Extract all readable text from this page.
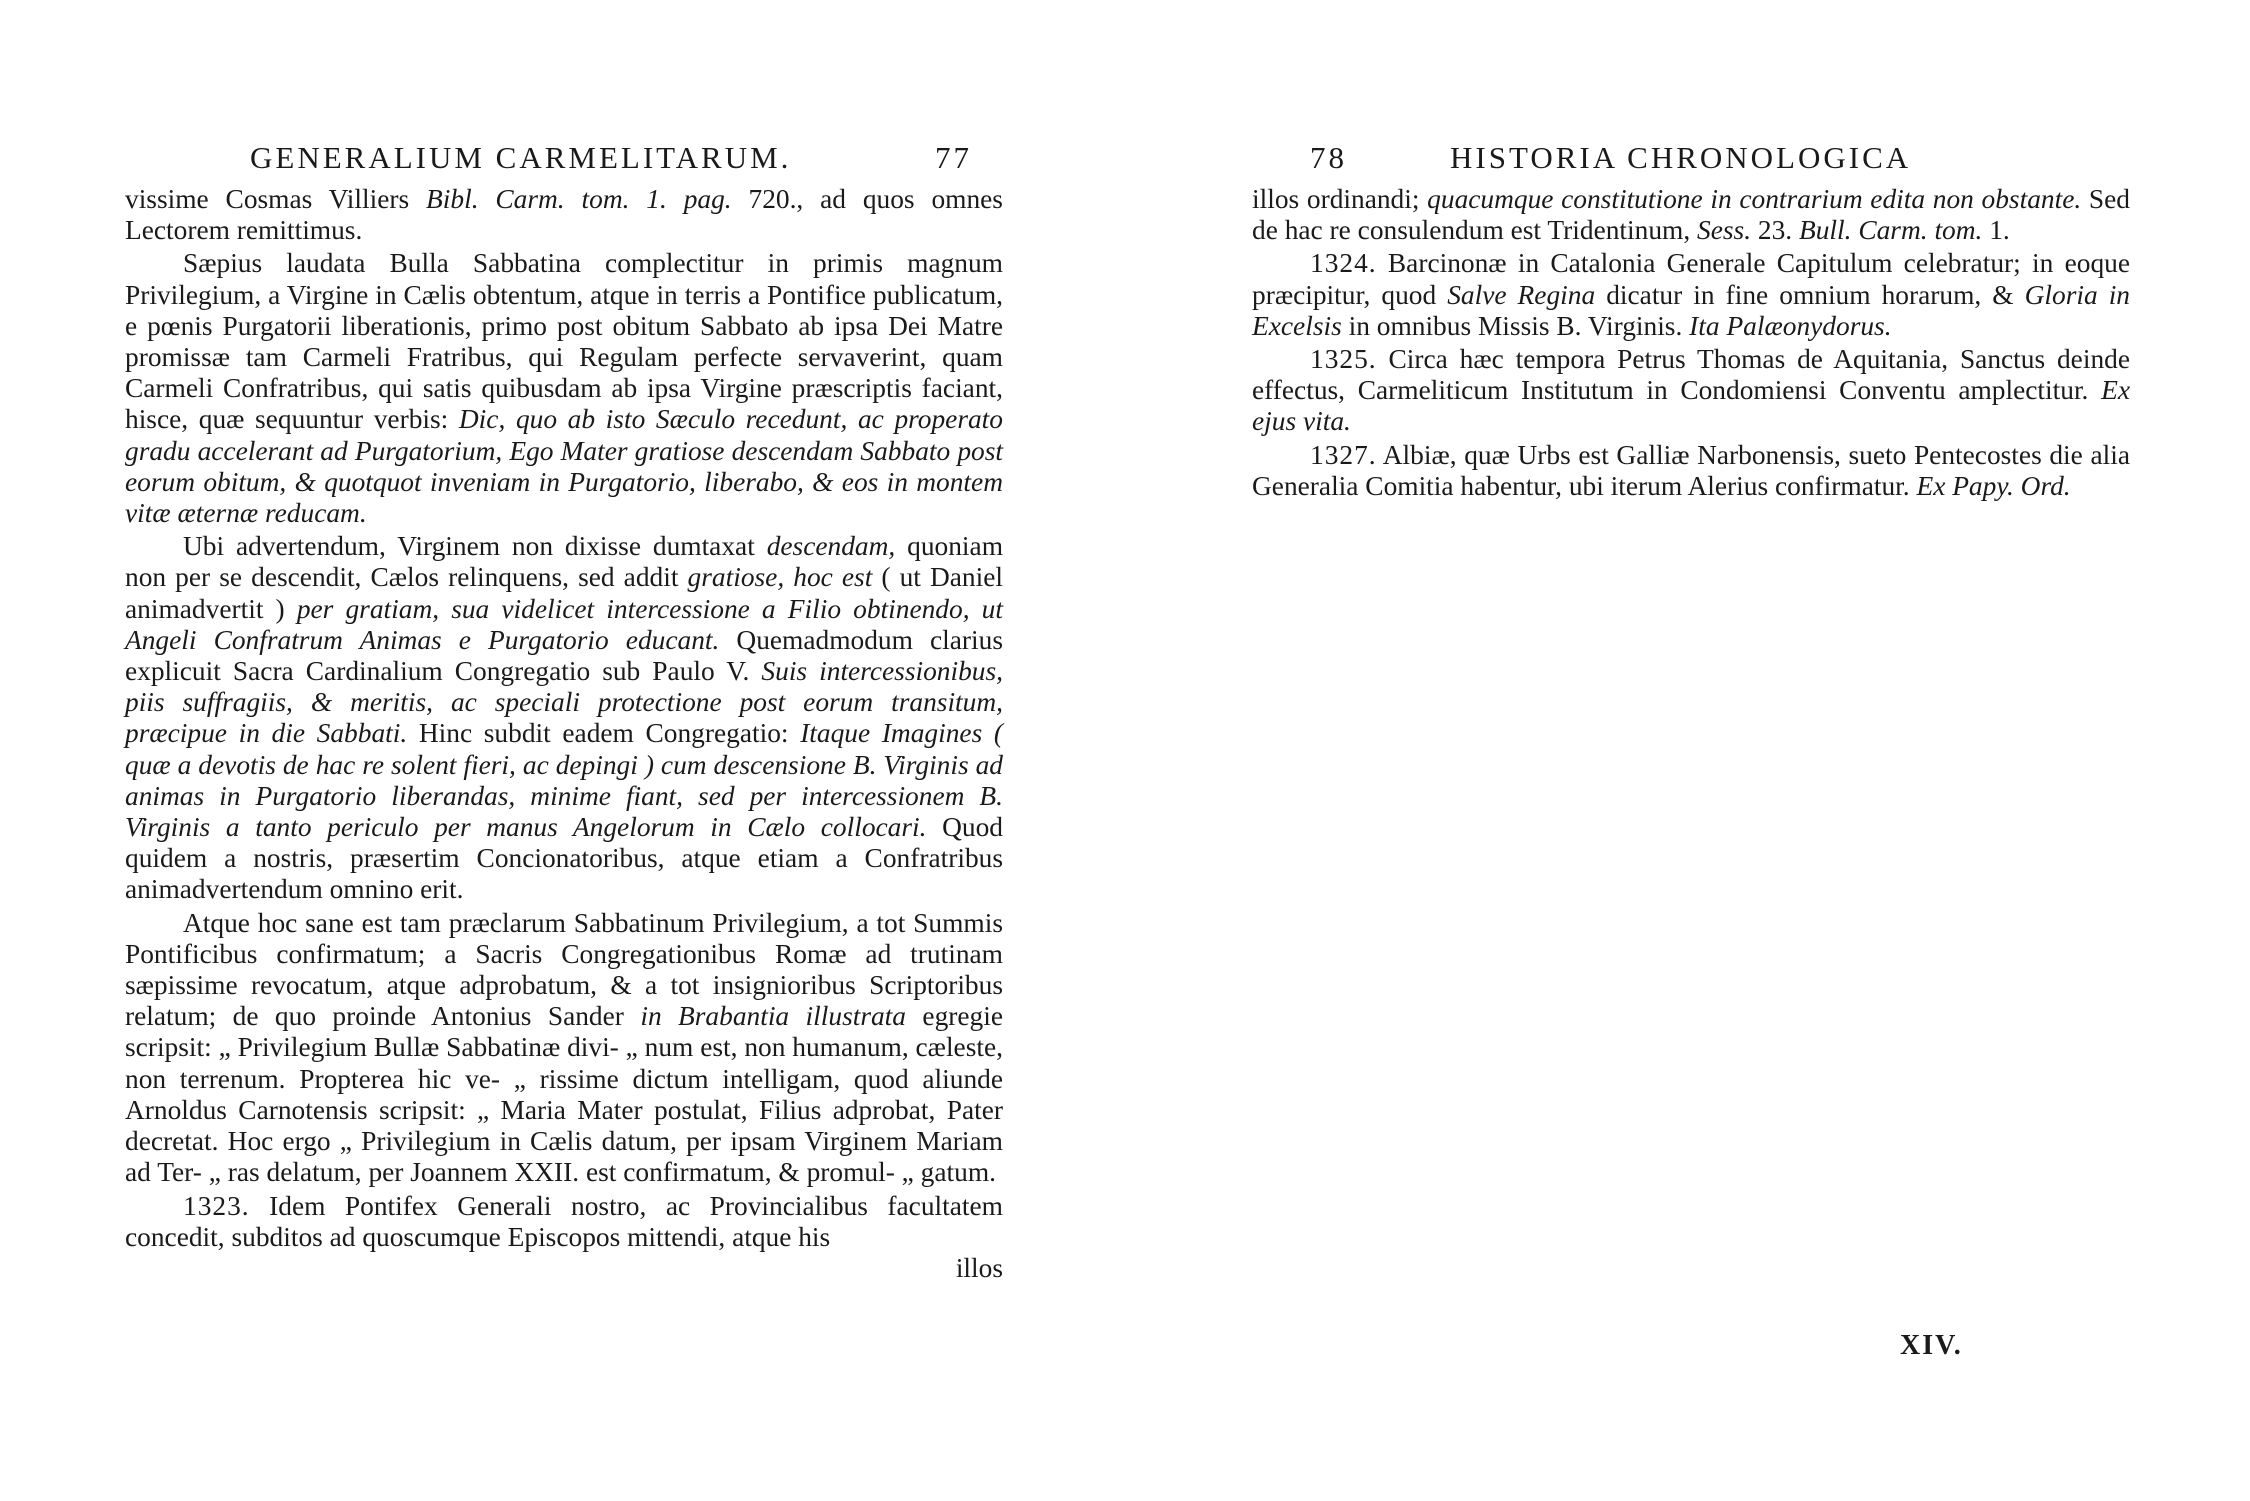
GENERALIUM CARMELITARUM.	77

vissime Cosmas Villiers Bibl. Carm. tom. 1. pag. 720., ad quos omnes Lectorem remittimus.

Sæpius laudata Bulla Sabbatina complectitur in primis magnum Privilegium, a Virgine in Cælis obtentum, atque in terris a Pontifice publicatum, e pœnis Purgatorii liberationis, primo post obitum Sabbato ab ipsa Dei Matre promissæ tam Carmeli Fratribus, qui Regulam perfecte servaverint, quam Carmeli Confratribus, qui satis quibusdam ab ipsa Virgine præscriptis faciant, hisce, quæ sequuntur verbis: Dic, quo ab isto Sæculo recedunt, ac properato gradu accelerant ad Purgatorium, Ego Mater gratiose descendam Sabbato post eorum obitum, & quotquot inveniam in Purgatorio, liberabo, & eos in montem vitæ æternæ reducam.

Ubi advertendum, Virginem non dixisse dumtaxat descendam, quoniam non per se descendit, Cælos relinquens, sed addit gratiose, hoc est ( ut Daniel animadvertit ) per gratiam, sua videlicet intercessione a Filio obtinendo, ut Angeli Confratrum Animas e Purgatorio educant. Quemadmodum clarius explicuit Sacra Cardinalium Congregatio sub Paulo V. Suis intercessionibus, piis suffragiis, & meritis, ac speciali protectione post eorum transitum, præcipue in die Sabbati. Hinc subdit eadem Congregatio: Itaque Imagines ( quæ a devotis de hac re solent fieri, ac depingi ) cum descensione B. Virginis ad animas in Purgatorio liberandas, minime fiant, sed per intercessionem B. Virginis a tanto periculo per manus Angelorum in Cælo collocari. Quod quidem a nostris, præsertim Concionatoribus, atque etiam a Confratribus animadvertendum omnino erit.

Atque hoc sane est tam præclarum Sabbatinum Privilegium, a tot Summis Pontificibus confirmatum; a Sacris Congregationibus Romæ ad trutinam sæpissime revocatum, atque adprobatum, & a tot insignioribus Scriptoribus relatum; de quo proinde Antonius Sander in Brabantia illustrata egregie scripsit: „ Privilegium Bullæ Sabbatinæ divi- „ num est, non humanum, cæleste, non terrenum. Propterea hic ve- „ rissime dictum intelligam, quod aliunde Arnoldus Carnotensis scripsit: „ Maria Mater postulat, Filius adprobat, Pater decretat. Hoc ergo „ Privilegium in Cælis datum, per ipsam Virginem Mariam ad Ter- „ ras delatum, per Joannem XXII. est confirmatum, & promul- „ gatum.

1323. Idem Pontifex Generali nostro, ac Provincialibus facultatem concedit, subditos ad quoscumque Episcopos mittendi, atque his

illos
78	HISTORIA CHRONOLOGICA

illos ordinandi; quacumque constitutione in contrarium edita non obstante. Sed de hac re consulendum est Tridentinum, Sess. 23. Bull. Carm. tom. 1.

1324. Barcinonæ in Catalonia Generale Capitulum celebratur; in eoque præcipitur, quod Salve Regina dicatur in fine omnium horarum, & Gloria in Excelsis in omnibus Missis B. Virginis. Ita Palæonydorus.

1325. Circa hæc tempora Petrus Thomas de Aquitania, Sanctus deinde effectus, Carmeliticum Institutum in Condomiensi Conventu amplectitur. Ex ejus vita.

1327. Albiæ, quæ Urbs est Galliæ Narbonensis, sueto Pentecostes die alia Generalia Comitia habentur, ubi iterum Alerius confirmatur. Ex Papy. Ord.

XIV.
